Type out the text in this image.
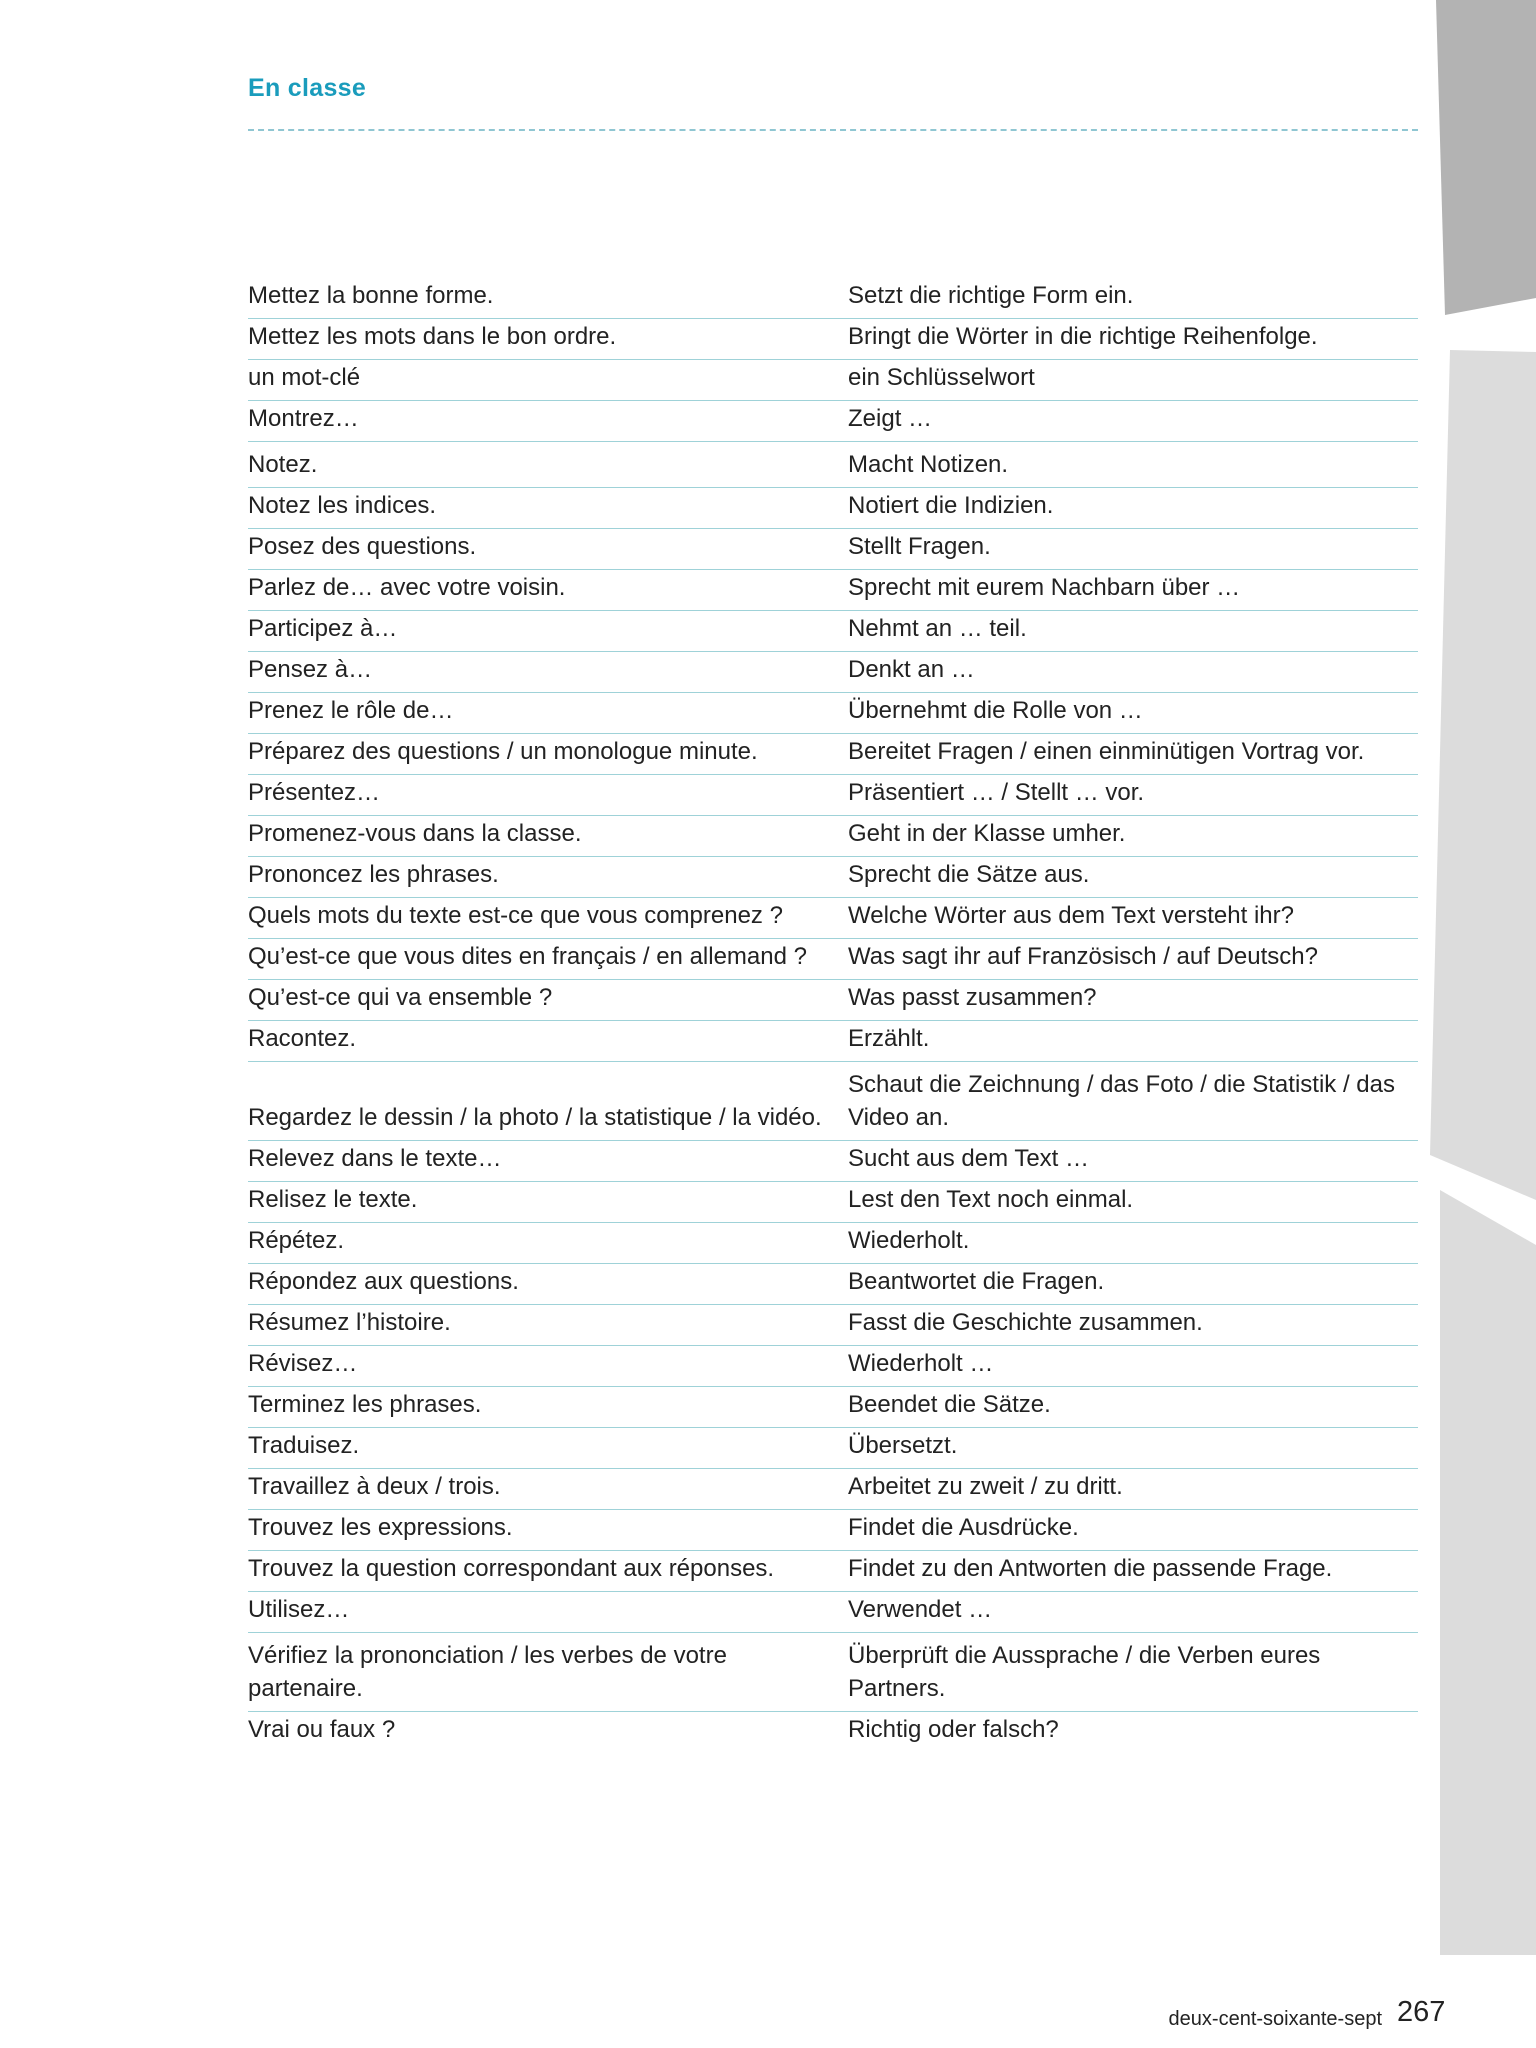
En classe
Mettez la bonne forme.	Setzt die richtige Form ein.
Mettez les mots dans le bon ordre.	Bringt die Wörter in die richtige Reihenfolge.
un mot-clé	ein Schlüsselwort
Montrez…	Zeigt …
Notez.	Macht Notizen.
Notez les indices.	Notiert die Indizien.
Posez des questions.	Stellt Fragen.
Parlez de… avec votre voisin.	Sprecht mit eurem Nachbarn über …
Participez à…	Nehmt an … teil.
Pensez à…	Denkt an …
Prenez le rôle de…	Übernehmt die Rolle von …
Préparez des questions / un monologue minute.	Bereitet Fragen / einen einminütigen Vortrag vor.
Présentez…	Präsentiert … / Stellt … vor.
Promenez-vous dans la classe.	Geht in der Klasse umher.
Prononcez les phrases.	Sprecht die Sätze aus.
Quels mots du texte est-ce que vous comprenez ?	Welche Wörter aus dem Text versteht ihr?
Qu’est-ce que vous dites en français / en allemand ?	Was sagt ihr auf Französisch / auf Deutsch?
Qu’est-ce qui va ensemble ?	Was passt zusammen?
Racontez.	Erzählt.
Regardez le dessin / la photo / la statistique / la vidéo.	Schaut die Zeichnung / das Foto / die Statistik / das Video an.
Relevez dans le texte…	Sucht aus dem Text …
Relisez le texte.	Lest den Text noch einmal.
Répétez.	Wiederholt.
Répondez aux questions.	Beantwortet die Fragen.
Résumez l’histoire.	Fasst die Geschichte zusammen.
Révisez…	Wiederholt …
Terminez les phrases.	Beendet die Sätze.
Traduisez.	Übersetzt.
Travaillez à deux / trois.	Arbeitet zu zweit / zu dritt.
Trouvez les expressions.	Findet die Ausdrücke.
Trouvez la question correspondant aux réponses.	Findet zu den Antworten die passende Frage.
Utilisez…	Verwendet …
Vérifiez la prononciation / les verbes de votre partenaire.	Überprüft die Aussprache / die Verben eures Partners.
Vrai ou faux ?	Richtig oder falsch?
deux-cent-soixante-sept 267
